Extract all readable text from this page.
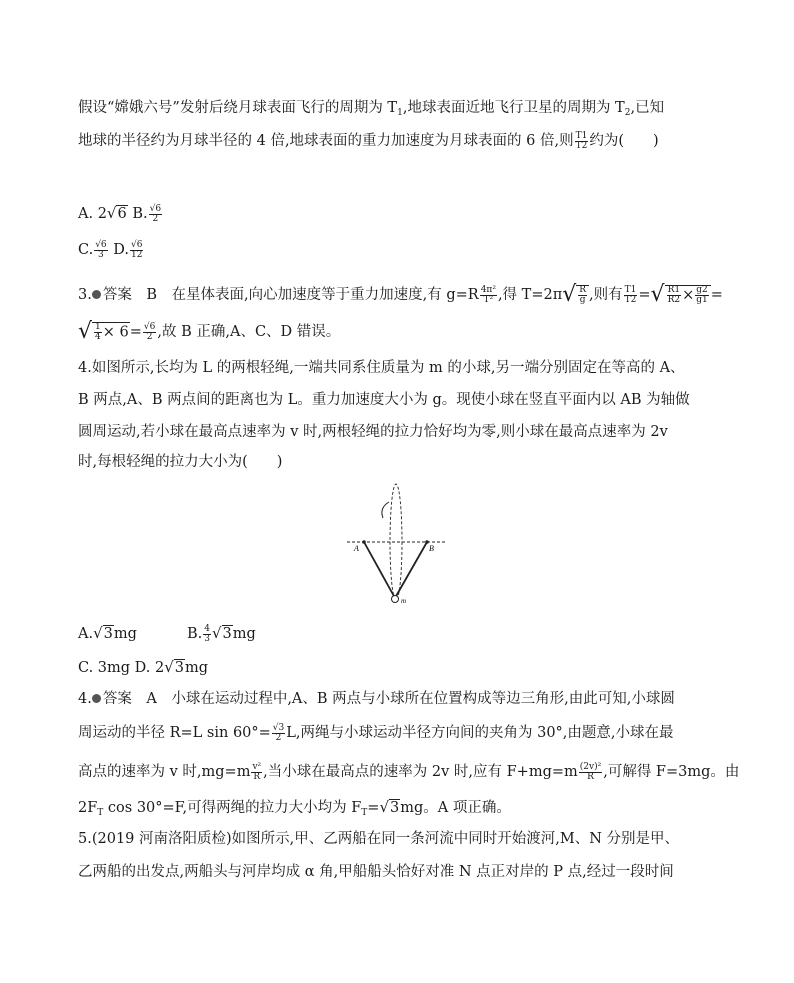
假设“嫦娥六号”发射后绕月球表面飞行的周期为 $T_1$,地球表面近地飞行卫星的周期为 $T_2$,已知
地球的半径约为月球半径的 4 倍,地球表面的重力加速度为月球表面的 6 倍,则 $\frac{T1}{T2}$ 约为(　　)
A. 2√6 B. $\frac{√6}{2}$
C. $\frac{√6}{3} D$. $\frac{√6}{12}$
3. 答案　B　在星体表面,向心加速度等于重力加速度,有 $g=R \frac{\text{4π²}}{\text{T²}}$ ,得 $T=2\pi√ \frac{R}{g}$ ,则有 $\frac{T1}{T2}$ =√ $\frac{R1}{R2} \times \frac{g2}{g1}$ =
√ $\frac{1}{4} \times 6= \frac{√6}{2}$ ,故 B 正确,A、C、D 错误。
4.如图所示,长均为 L 的两根轻绳,一端共同系住质量为 m 的小球,另一端分别固定在等高的 A、
B 两点,A、B 两点间的距离也为 L。重力加速度大小为 g。现使小球在竖直平面内以 AB 为轴做
圆周运动,若小球在最高点速率为 v 时,两根轻绳的拉力恰好均为零,则小球在最高点速率为 2v
时,每根轻绳的拉力大小为(　　)
A	B
m
A.√3mg	B. $\frac{4}{3} √3mg$
C. 3mg D. 2√3mg
4. 答案　A　小球在运动过程中,A、B 两点与小球所在位置构成等边三角形,由此可知,小球圆
周运动的半径 R=L $\sin 60^\circ= \frac{√3}{2} L$,两绳与小球运动半径方向间的夹角为 30°,由题意,小球在最
高点的速率为 v 时$,mg=m \frac{\text{v²}}{R}$ ,当小球在最高点的速率为 2v 时,应有 $F+mg=m \frac{\text{(2v)²}}{R}$ ,可解得 F=3mg。由
$2F_T$ cos 30°=F,可得两绳的拉力大小均为 $F_T=√3mg$。A 项正确。
5.(2019 河南洛阳质检)如图所示,甲、乙两船在同一条河流中同时开始渡河,M、N 分别是甲、
乙两船的出发点,两船头与河岸均成 α 角,甲船船头恰好对准 N 点正对岸的 P 点,经过一段时间
